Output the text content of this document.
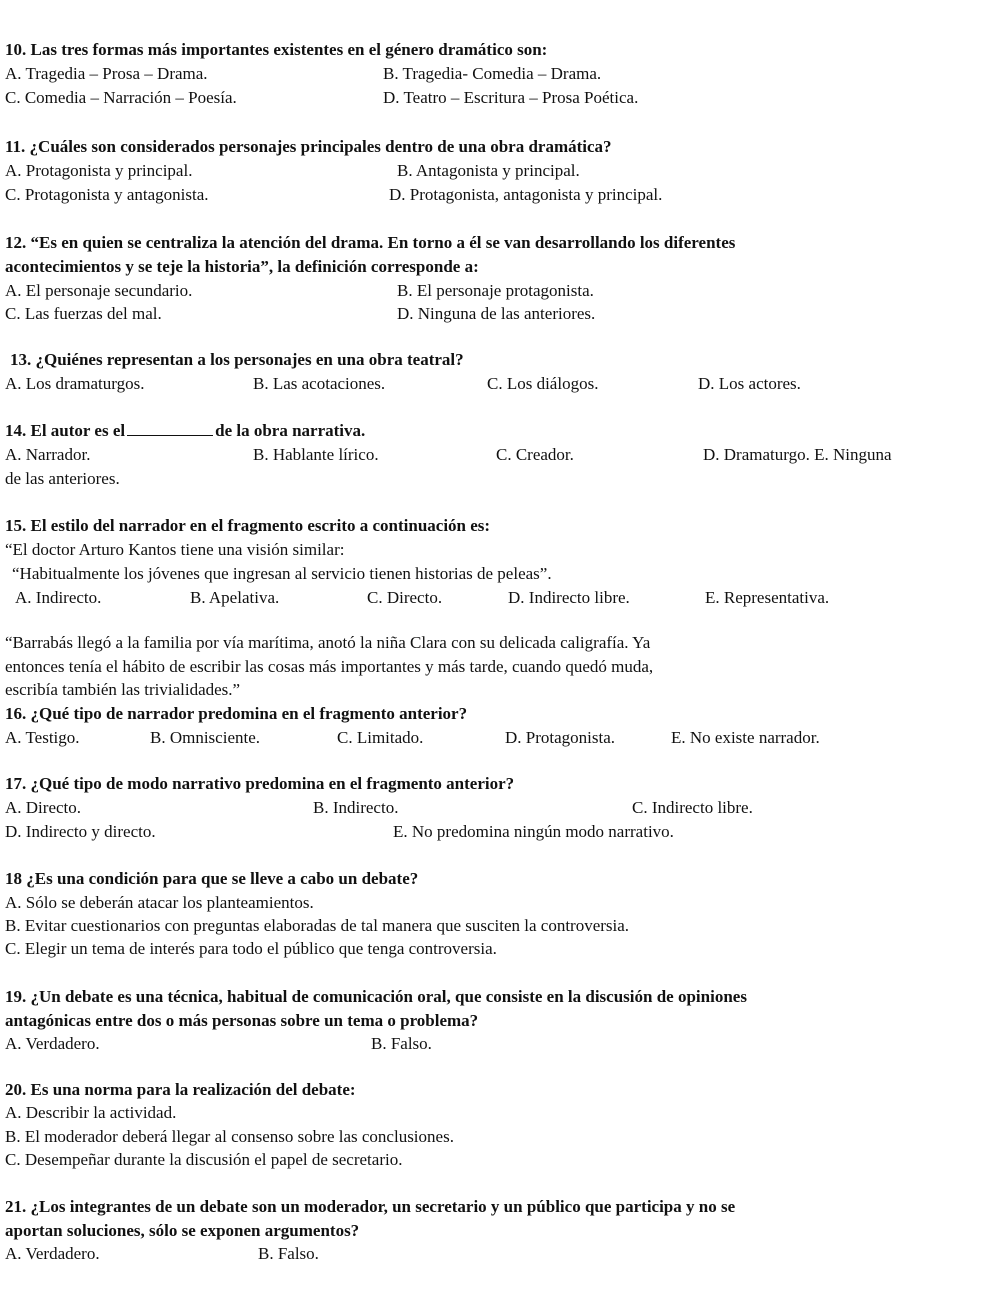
10. Las tres formas más importantes existentes en el género dramático son:
A. Tragedia – Prosa – Drama.	B. Tragedia- Comedia – Drama.
C. Comedia – Narración – Poesía.	D. Teatro – Escritura – Prosa Poética.
11. ¿Cuáles son considerados personajes principales dentro de una obra dramática?
A. Protagonista y principal.	B. Antagonista y principal.
C. Protagonista y antagonista.	D. Protagonista, antagonista y principal.
12. “Es en quien se centraliza la atención del drama. En torno a él se van desarrollando los diferentes
acontecimientos y se teje la historia”, la definición corresponde a:
A. El personaje secundario.	B. El personaje protagonista.
C. Las fuerzas del mal.	D. Ninguna de las anteriores.
13. ¿Quiénes representan a los personajes en una obra teatral?
A. Los dramaturgos.	B. Las acotaciones.	C. Los diálogos.	D. Los actores.
14. El autor es el	de la obra narrativa.
A. Narrador.	B. Hablante lírico.	C. Creador.	D. Dramaturgo. E. Ninguna
de las anteriores.
15. El estilo del narrador en el fragmento escrito a continuación es:
“El doctor Arturo Kantos tiene una visión similar:
“Habitualmente los jóvenes que ingresan al servicio tienen historias de peleas”.
A. Indirecto.	B. Apelativa.	C. Directo.	D. Indirecto libre.	E. Representativa.
“Barrabás llegó a la familia por vía marítima, anotó la niña Clara con su delicada caligrafía. Ya
entonces tenía el hábito de escribir las cosas más importantes y más tarde, cuando quedó muda,
escribía también las trivialidades.”
16. ¿Qué tipo de narrador predomina en el fragmento anterior?
A. Testigo.	B. Omnisciente.	C. Limitado.	D. Protagonista.	E. No existe narrador.
17. ¿Qué tipo de modo narrativo predomina en el fragmento anterior?
A. Directo.	B. Indirecto.	C. Indirecto libre.
D. Indirecto y directo.	E. No predomina ningún modo narrativo.
18 ¿Es una condición para que se lleve a cabo un debate?
A. Sólo se deberán atacar los planteamientos.
B. Evitar cuestionarios con preguntas elaboradas de tal manera que susciten la controversia.
C. Elegir un tema de interés para todo el público que tenga controversia.
19. ¿Un debate es una técnica, habitual de comunicación oral, que consiste en la discusión de opiniones
antagónicas entre dos o más personas sobre un tema o problema?
A. Verdadero.	B. Falso.
20. Es una norma para la realización del debate:
A. Describir la actividad.
B. El moderador deberá llegar al consenso sobre las conclusiones.
C. Desempeñar durante la discusión el papel de secretario.
21. ¿Los integrantes de un debate son un moderador, un secretario y un público que participa y no se
aportan soluciones, sólo se exponen argumentos?
A. Verdadero.	B. Falso.
